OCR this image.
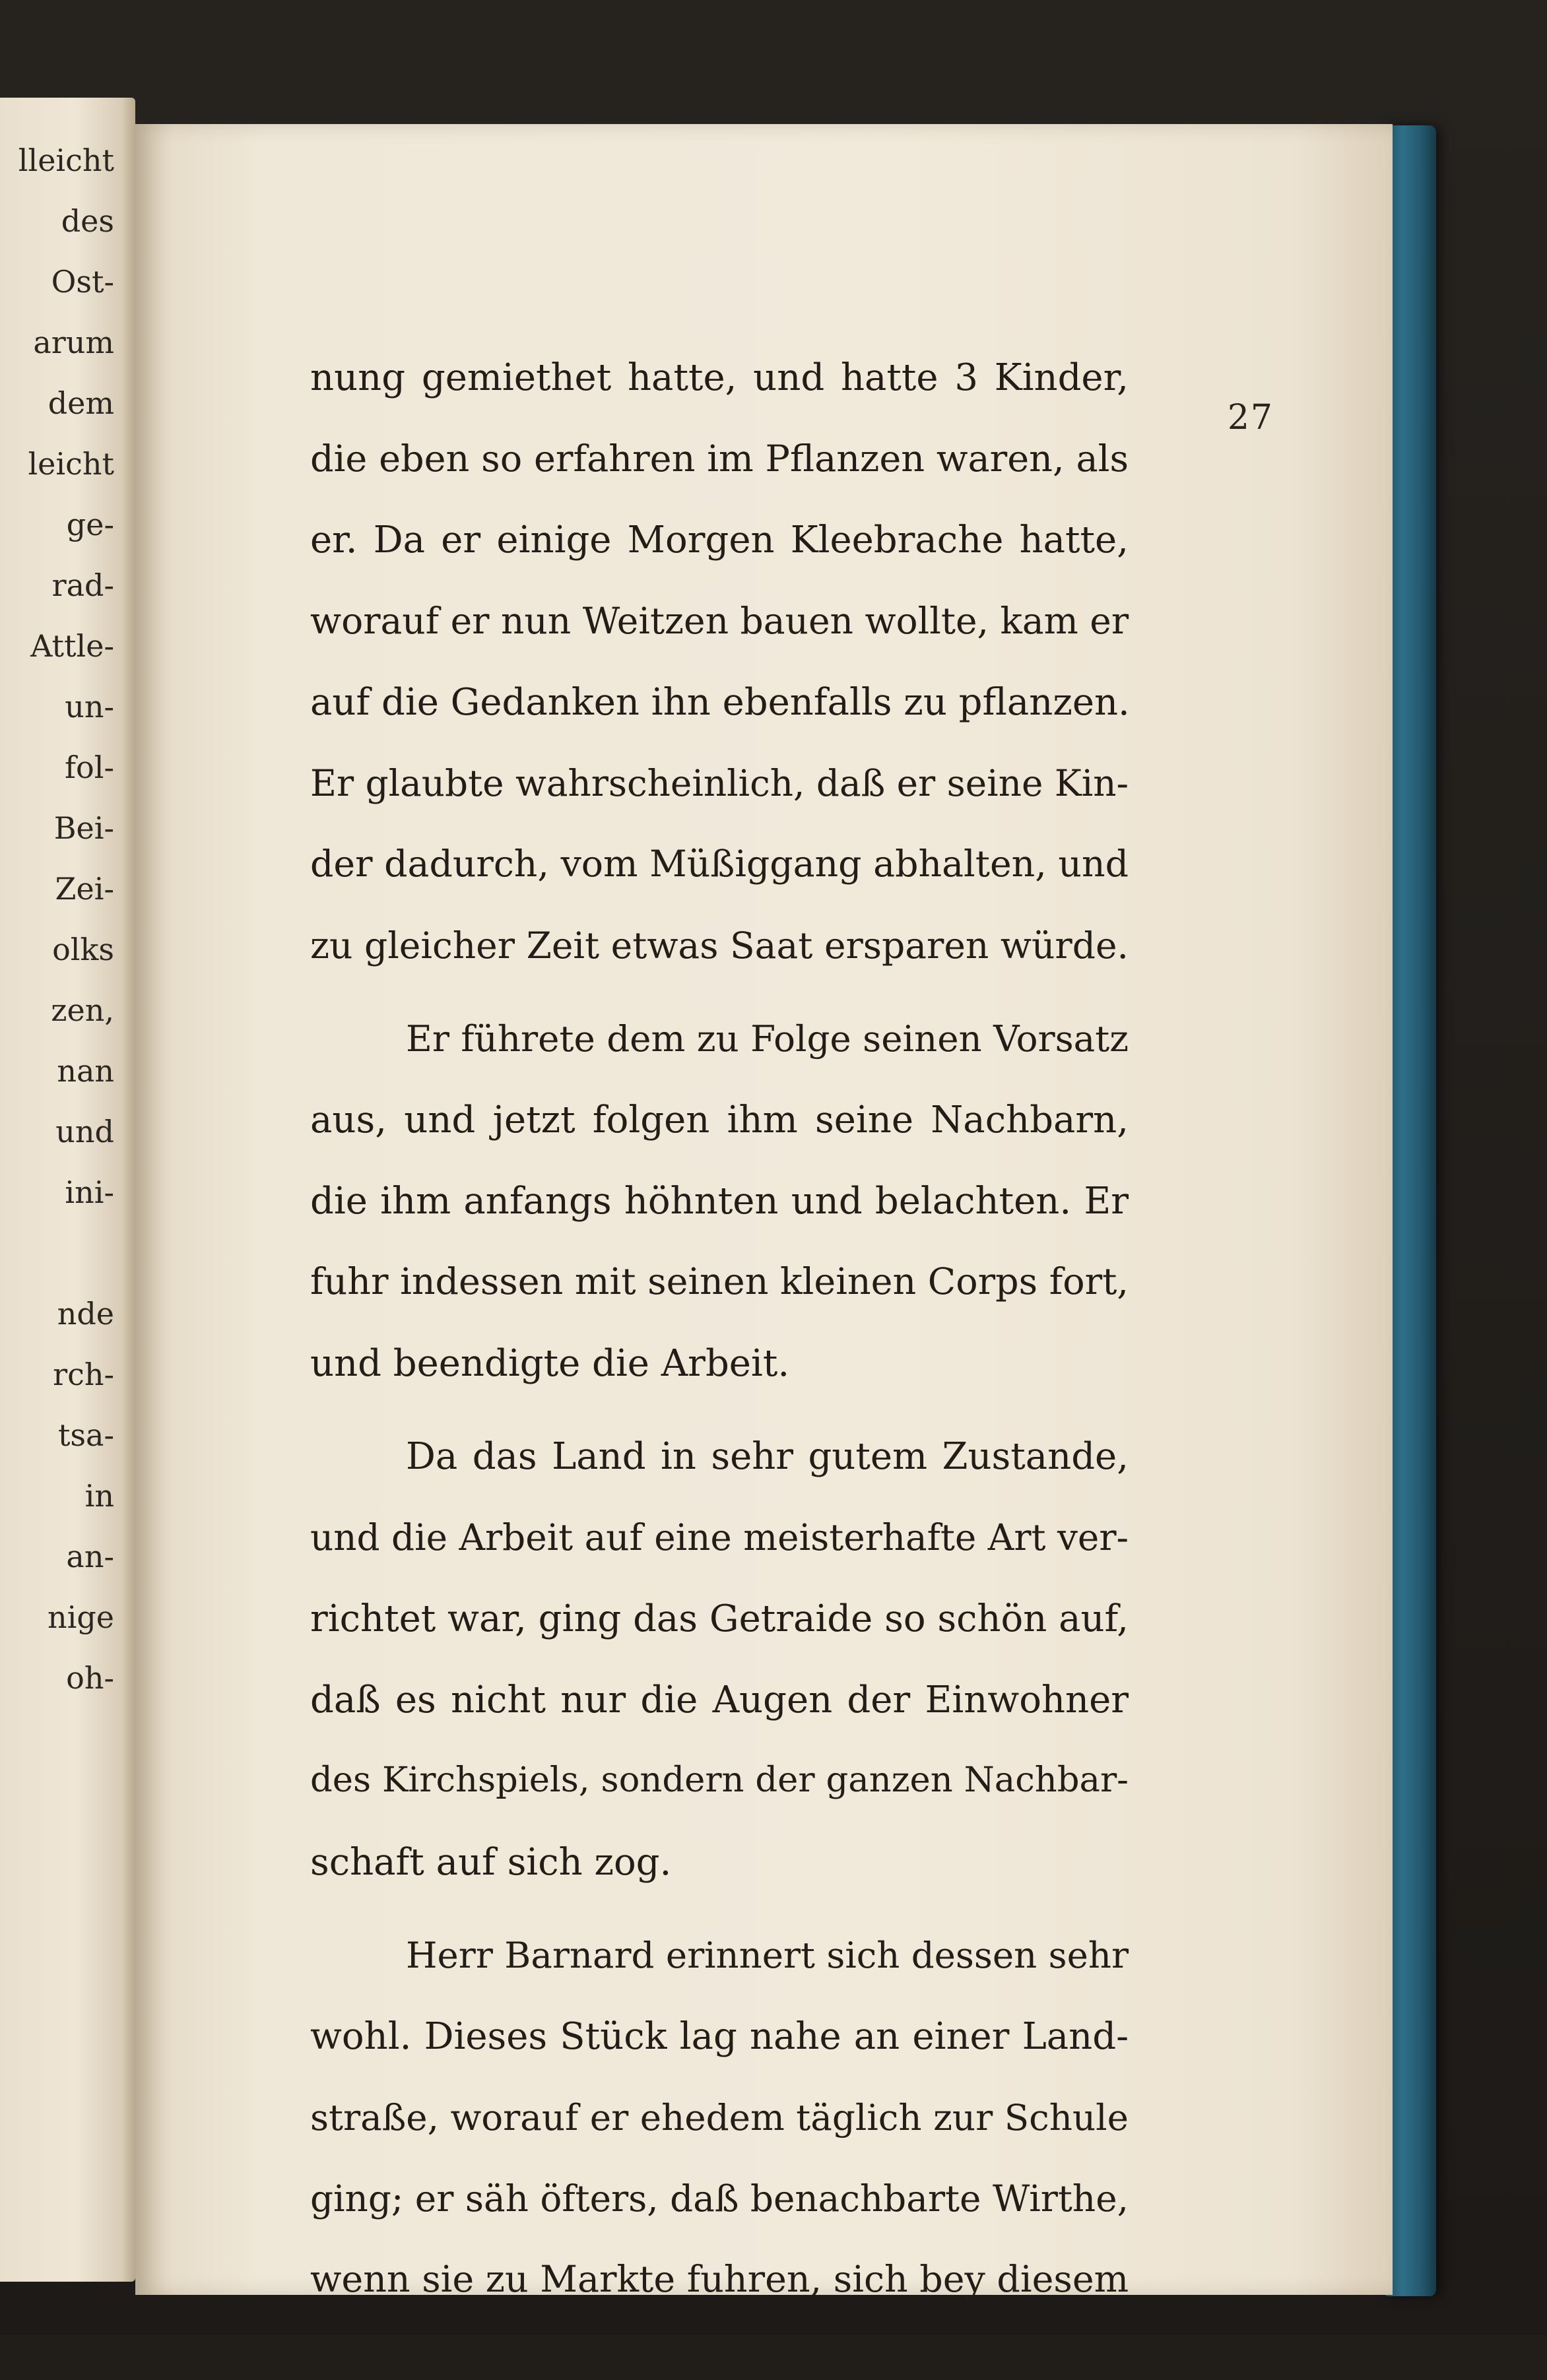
lleicht
des
Ost-
arum
dem
leicht
ge-
rad-
Attle-
un-
fol-
Bei-
Zei-
olks
zen,
nan
und
ini-
nde
rch-
tsa-
in
an-
nige
oh-
27
nung gemiethet hatte, und hatte 3 Kinder,
die eben so erfahren im Pflanzen waren, als
er. Da er einige Morgen Kleebrache hatte,
worauf er nun Weitzen bauen wollte, kam er
auf die Gedanken ihn ebenfalls zu pflanzen.
Er glaubte wahrscheinlich, daß er seine Kin-
der dadurch, vom Müßiggang abhalten, und
zu gleicher Zeit etwas Saat ersparen würde.
Er führete dem zu Folge seinen Vorsatz
aus, und jetzt folgen ihm seine Nachbarn,
die ihm anfangs höhnten und belachten. Er
fuhr indessen mit seinen kleinen Corps fort,
und beendigte die Arbeit.
Da das Land in sehr gutem Zustande,
und die Arbeit auf eine meisterhafte Art ver-
richtet war, ging das Getraide so schön auf,
daß es nicht nur die Augen der Einwohner
des Kirchspiels, sondern der ganzen Nachbar-
schaft auf sich zog.
Herr Barnard erinnert sich dessen sehr
wohl. Dieses Stück lag nahe an einer Land-
straße, worauf er ehedem täglich zur Schule
ging; er säh öfters, daß benachbarte Wirthe,
wenn sie zu Markte fuhren, sich bey diesem
Stück verweilten, und selbst hineingingen, um
